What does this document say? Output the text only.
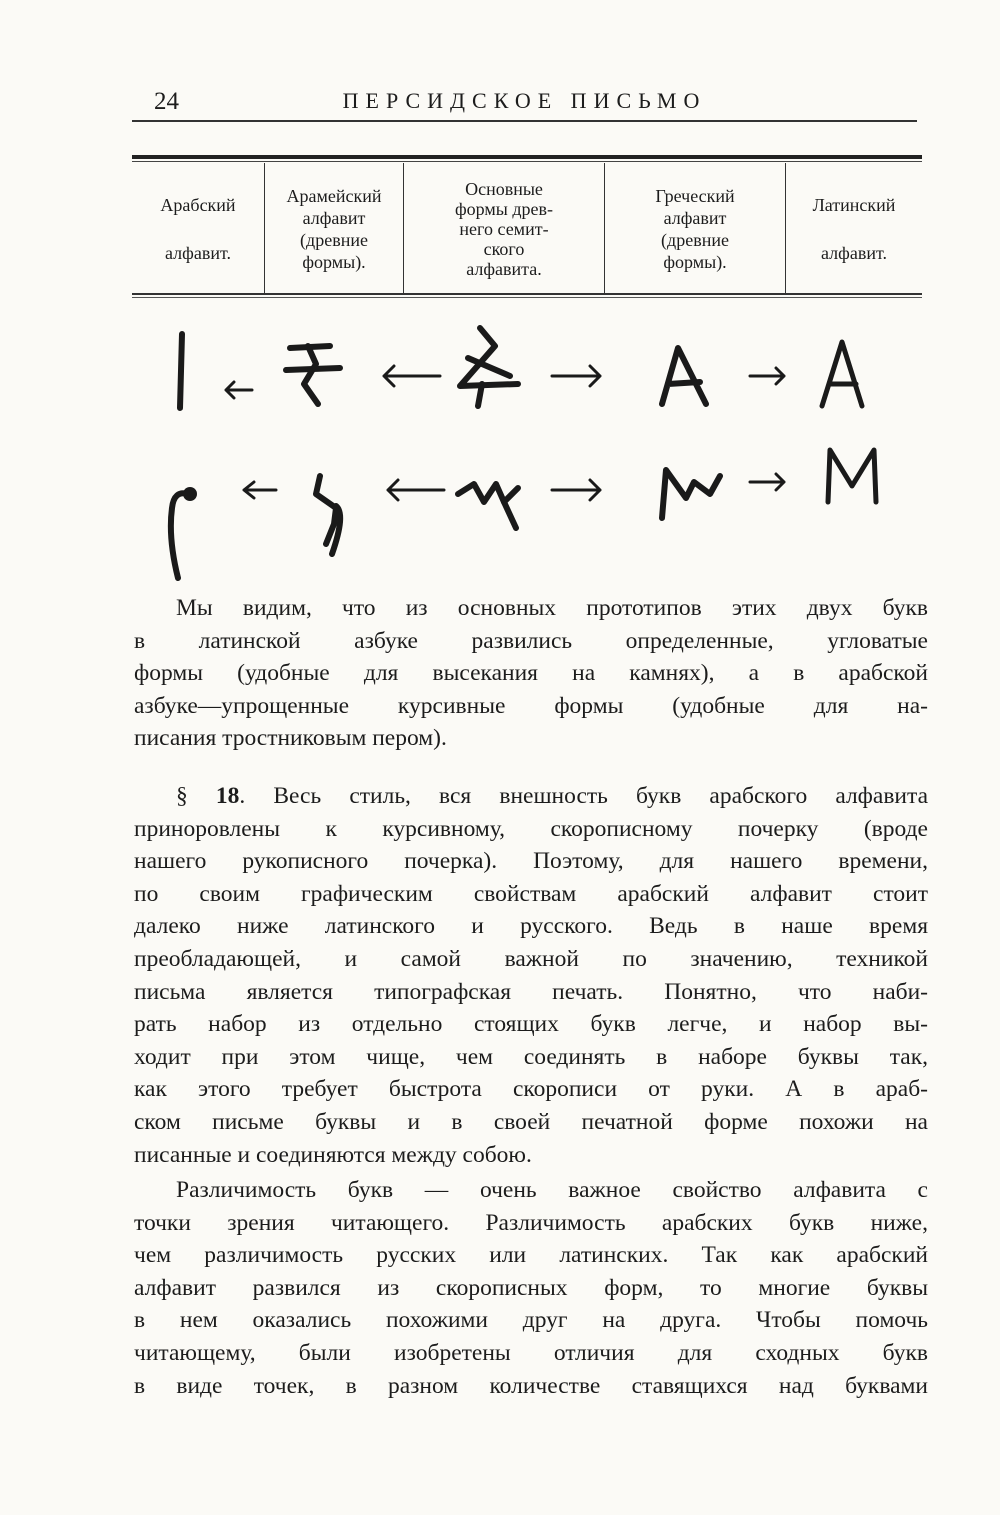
24	ПЕРСИДСКОЕ ПИСЬМО
Арабский
алфавит.
Арамейский
алфавит
(древние
формы).
Основные
формы древ-
него семит-
ского
алфавита.
Греческий
алфавит
(древние
формы).
Латинский
алфавит.
Мы видим, что из основных прототипов этих двух букв
в латинской азбуке развились определенные, угловатые
формы (удобные для высекания на камнях), а в арабской
азбуке—упрощенные курсивные формы (удобные для на-
писания тростниковым пером).
§ 18. Весь стиль, вся внешность букв арабского алфавита
приноровлены к курсивному, скорописному почерку (вроде
нашего рукописного почерка). Поэтому, для нашего времени,
по своим графическим свойствам арабский алфавит стоит
далеко ниже латинского и русского. Ведь в наше время
преобладающей, и самой важной по значению, техникой
письма является типографская печать. Понятно, что наби-
рать набор из отдельно стоящих букв легче, и набор вы-
ходит при этом чище, чем соединять в наборе буквы так,
как этого требует быстрота скорописи от руки. А в араб-
ском письме буквы и в своей печатной форме похожи на
писанные и соединяются между собою.
Различимость букв — очень важное свойство алфавита с
точки зрения читающего. Различимость арабских букв ниже,
чем различимость русских или латинских. Так как арабский
алфавит развился из скорописных форм, то многие буквы
в нем оказались похожими друг на друга. Чтобы помочь
читающему, были изобретены отличия для сходных букв
в виде точек, в разном количестве ставящихся над буквами
